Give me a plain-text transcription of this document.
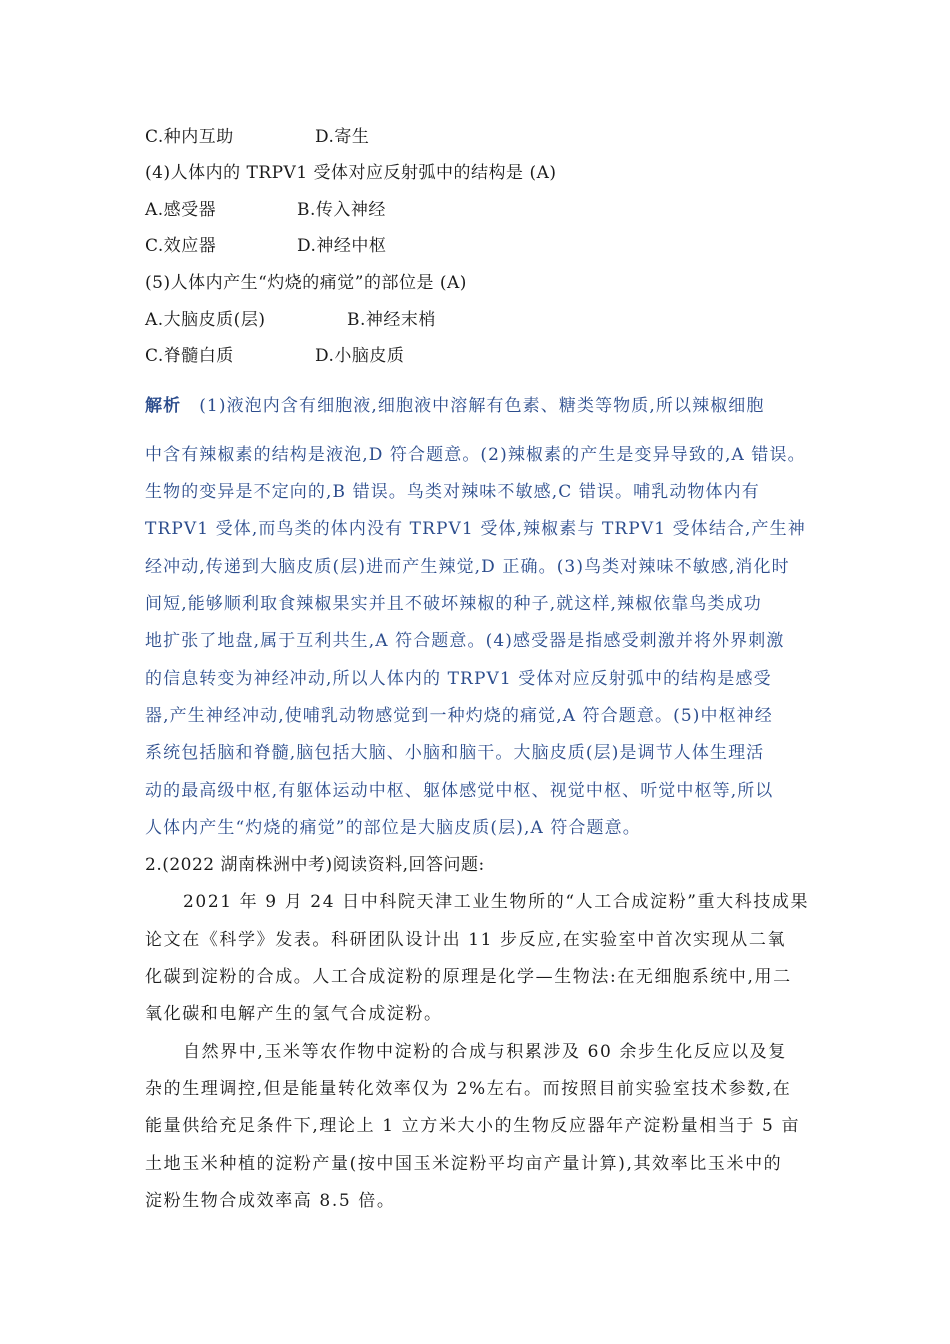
C.种内互助	D.寄生
(4)人体内的 TRPV1 受体对应反射弧中的结构是 (A)
A.感受器	B.传入神经
C.效应器	D.神经中枢
(5)人体内产生“灼烧的痛觉”的部位是 (A)
A.大脑皮质(层)	B.神经末梢
C.脊髓白质	D.小脑皮质
解析 (1)液泡内含有细胞液,细胞液中溶解有色素、糖类等物质,所以辣椒细胞
中含有辣椒素的结构是液泡,D 符合题意。(2)辣椒素的产生是变异导致的,A 错误。
生物的变异是不定向的,B 错误。鸟类对辣味不敏感,C 错误。哺乳动物体内有
TRPV1 受体,而鸟类的体内没有 TRPV1 受体,辣椒素与 TRPV1 受体结合,产生神
经冲动,传递到大脑皮质(层)进而产生辣觉,D 正确。(3)鸟类对辣味不敏感,消化时
间短,能够顺利取食辣椒果实并且不破坏辣椒的种子,就这样,辣椒依靠鸟类成功
地扩张了地盘,属于互利共生,A 符合题意。(4)感受器是指感受刺激并将外界刺激
的信息转变为神经冲动,所以人体内的 TRPV1 受体对应反射弧中的结构是感受
器,产生神经冲动,使哺乳动物感觉到一种灼烧的痛觉,A 符合题意。(5)中枢神经
系统包括脑和脊髓,脑包括大脑、小脑和脑干。大脑皮质(层)是调节人体生理活
动的最高级中枢,有躯体运动中枢、躯体感觉中枢、视觉中枢、听觉中枢等,所以
人体内产生“灼烧的痛觉”的部位是大脑皮质(层),A 符合题意。
2.(2022 湖南株洲中考)阅读资料,回答问题:
2021 年 9 月 24 日中科院天津工业生物所的“人工合成淀粉”重大科技成果
论文在《科学》发表。科研团队设计出 11 步反应,在实验室中首次实现从二氧
化碳到淀粉的合成。人工合成淀粉的原理是化学—生物法:在无细胞系统中,用二
氧化碳和电解产生的氢气合成淀粉。
自然界中,玉米等农作物中淀粉的合成与积累涉及 60 余步生化反应以及复
杂的生理调控,但是能量转化效率仅为 2%左右。而按照目前实验室技术参数,在
能量供给充足条件下,理论上 1 立方米大小的生物反应器年产淀粉量相当于 5 亩
土地玉米种植的淀粉产量(按中国玉米淀粉平均亩产量计算),其效率比玉米中的
淀粉生物合成效率高 8.5 倍。
